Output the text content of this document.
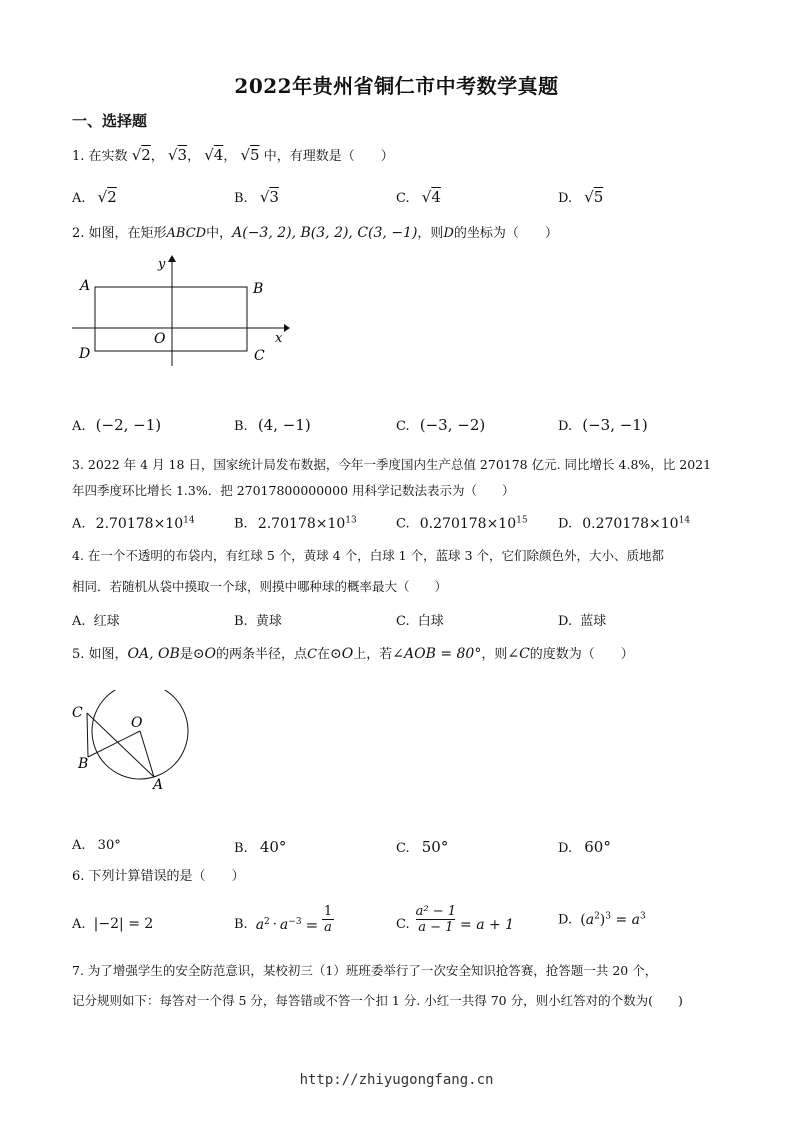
2022年贵州省铜仁市中考数学真题
一、选择题
1. 在实数 √2， √3， √4， √5 中，有理数是（　　）
A. √2	B. √3	C. √4	D. √5
2. 如图，在矩形ABCD中，A(−3, 2), B(3, 2), C(3, −1)，则D的坐标为（　　）
A	B
C
D
O	x
y
A. (−2, −1)	B. (4, −1)	C. (−3, −2)	D. (−3, −1)
3. 2022 年 4 月 18 日，国家统计局发布数据，今年一季度国内生产总值 270178 亿元. 同比增长 4.8%，比 2021
年四季度环比增长 1.3%．把 27017800000000 用科学记数法表示为（　　）
A. $2.70178\times 10^{14}$	B. $2.70178\times 10^{13}$	C. $0.270178\times 10^{15}$ D. $0.270178\times 10^{14}$
4. 在一个不透明的布袋内，有红球 5 个，黄球 4 个，白球 1 个，蓝球 3 个，它们除颜色外，大小、质地都
相同．若随机从袋中摸取一个球，则摸中哪种球的概率最大（　　）
A. 红球	B. 黄球	C. 白球	D. 蓝球
5. 如图，OA, OB是⊙O的两条半径，点C在⊙O上，若∠AOB = 80°，则∠C的度数为（　　）
C
O
B
A
A. 30°	B. 40°	C. 50°	D. 60°
6. 下列计算错误的是（　　）
A. |−2| = 2	B. $a^2 \cdot a^{-3} = \frac{1}{a}$	C. $\frac{\text{a² − 1}}{a - 1} = a + 1$	D. $(a^2)^3 = a^3$
7. 为了增强学生的安全防范意识，某校初三（1）班班委举行了一次安全知识抢答赛，抢答题一共 20 个，
记分规则如下：每答对一个得 5 分，每答错或不答一个扣 1 分. 小红一共得 70 分，则小红答对的个数为(　　)
http://zhiyugongfang.cn
